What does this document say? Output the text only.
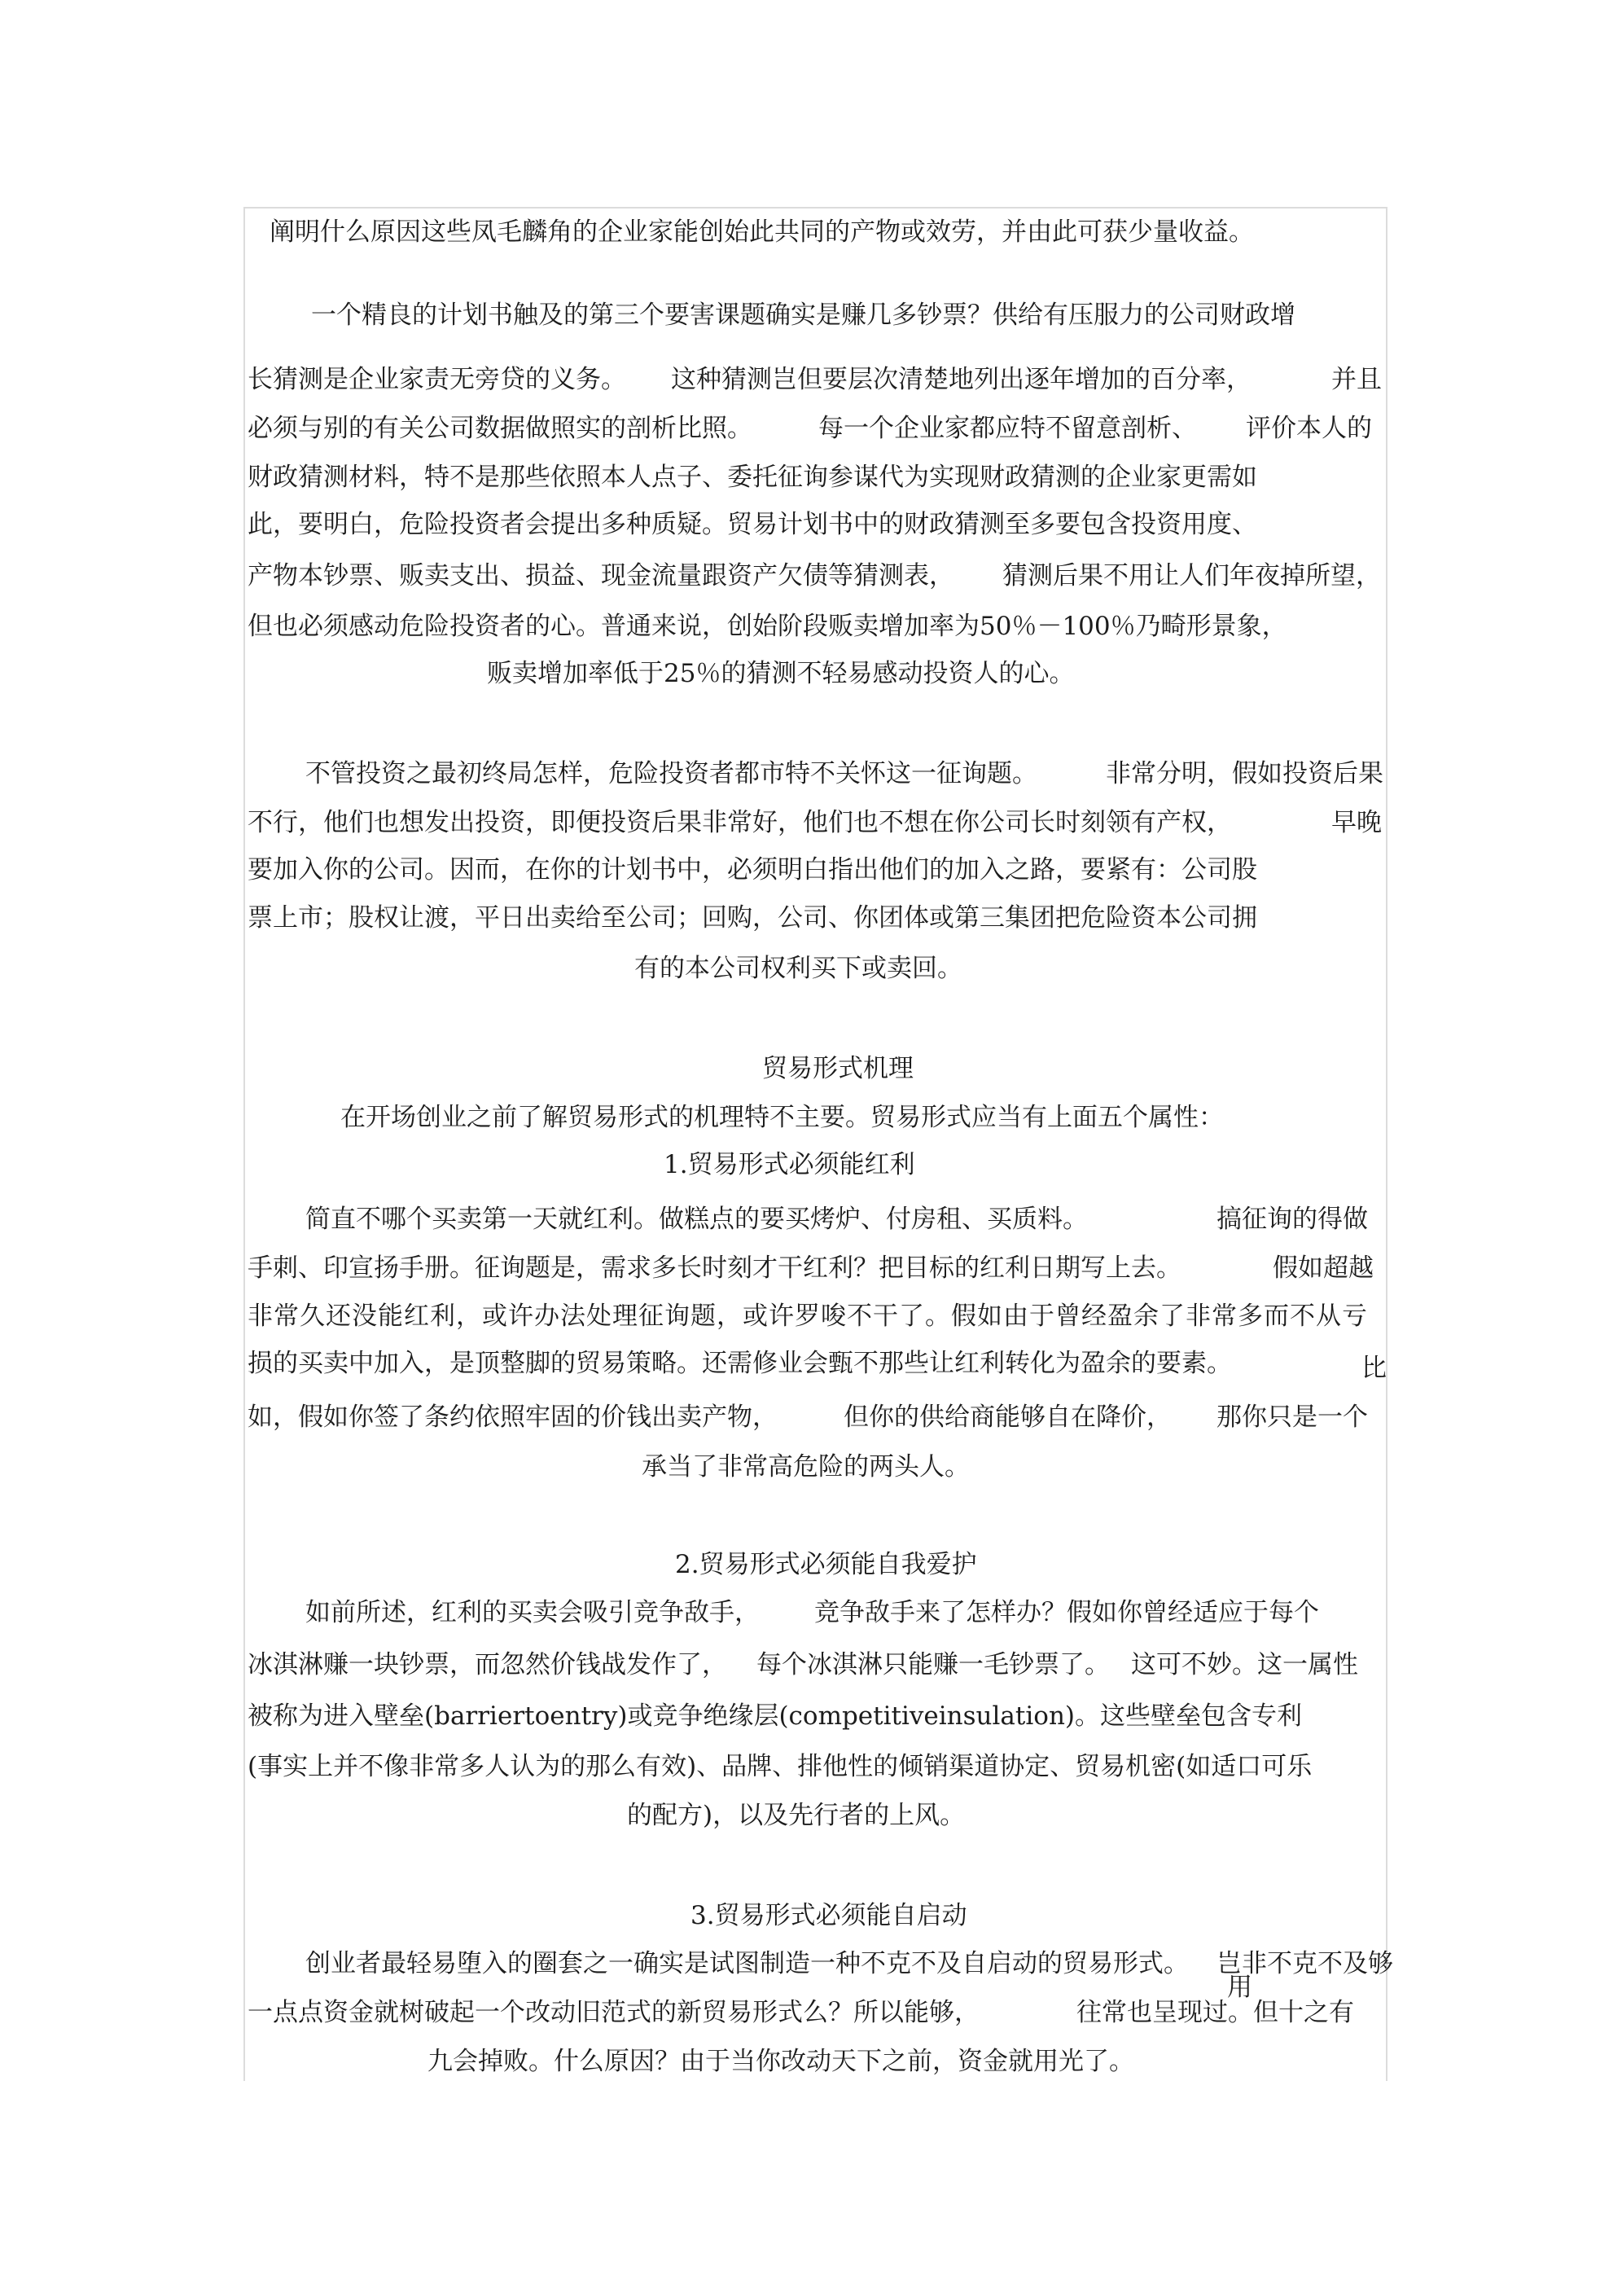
阐明什么原因这些凤毛麟角的企业家能创始此共同的产物或效劳，并由此可获少量收益。
一个精良的计划书触及的第三个要害课题确实是赚几多钞票？供给有压服力的公司财政增
长猜测是企业家责无旁贷的义务。 这种猜测岂但要层次清楚地列出逐年增加的百分率，	并且
必须与别的有关公司数据做照实的剖析比照。	每一个企业家都应特不留意剖析、 评价本人的
财政猜测材料，特不是那些依照本人点子、委托征询参谋代为实现财政猜测的企业家更需如
此，要明白，危险投资者会提出多种质疑。贸易计划书中的财政猜测至多要包含投资用度、
产物本钞票、贩卖支出、损益、现金流量跟资产欠债等猜测表， 猜测后果不用让人们年夜掉所望，
但也必须感动危险投资者的心。普通来说，创始阶段贩卖增加率为50％－100％乃畸形景象，
贩卖增加率低于25％的猜测不轻易感动投资人的心。
不管投资之最初终局怎样，危险投资者都市特不关怀这一征询题。	非常分明，假如投资后果
不行，他们也想发出投资，即便投资后果非常好，他们也不想在你公司长时刻领有产权，	早晚
要加入你的公司。因而，在你的计划书中，必须明白指出他们的加入之路，要紧有：公司股
票上市；股权让渡，平日出卖给至公司；回购，公司、你团体或第三集团把危险资本公司拥
有的本公司权利买下或卖回。
贸易形式机理
在开场创业之前了解贸易形式的机理特不主要。贸易形式应当有上面五个属性：
1.贸易形式必须能红利
简直不哪个买卖第一天就红利。做糕点的要买烤炉、付房租、买质料。	搞征询的得做
手刺、印宣扬手册。征询题是，需求多长时刻才干红利？把目标的红利日期写上去。	假如超越
非常久还没能红利，或许办法处理征询题，或许罗唆不干了。假如由于曾经盈余了非常多而不从亏
损的买卖中加入，是顶整脚的贸易策略。还需修业会甄不那些让红利转化为盈余的要素。	比
如，假如你签了条约依照牢固的价钱出卖产物，	但你的供给商能够自在降价， 那你只是一个
承当了非常高危险的两头人。
2.贸易形式必须能自我爱护
如前所述，红利的买卖会吸引竞争敌手， 竞争敌手来了怎样办？假如你曾经适应于每个
冰淇淋赚一块钞票，而忽然价钱战发作了， 每个冰淇淋只能赚一毛钞票了。 这可不妙。这一属性
被称为进入壁垒(barriertoentry)或竞争绝缘层(competitiveinsulation)。这些壁垒包含专利
(事实上并不像非常多人认为的那么有效)、品牌、排他性的倾销渠道协定、贸易机密(如适口可乐
的配方)，以及先行者的上风。
3.贸易形式必须能自启动
创业者最轻易堕入的圈套之一确实是试图制造一种不克不及自启动的贸易形式。 岂非不克不及够
用
一点点资金就树破起一个改动旧范式的新贸易形式么？所以能够，	往常也呈现过。但十之有
九会掉败。什么原因？由于当你改动天下之前，资金就用光了。
